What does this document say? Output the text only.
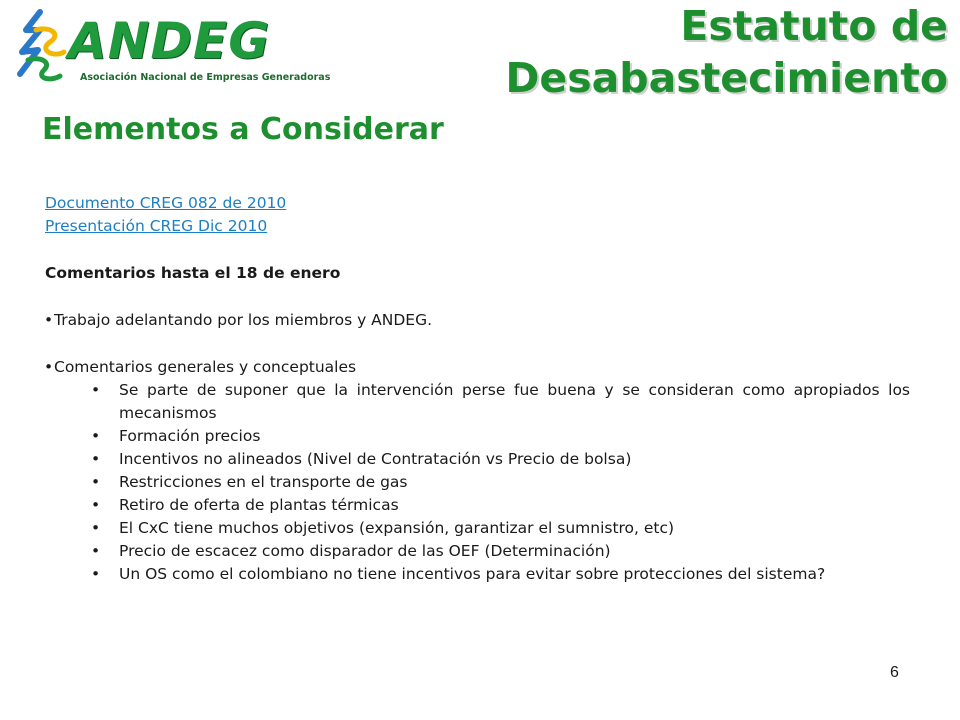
ANDEG
Asociación Nacional de Empresas Generadoras
Estatuto de
Desabastecimiento
Elementos a Considerar
Documento CREG 082 de 2010
Presentación CREG Dic 2010
Comentarios hasta el 18 de enero
• Trabajo adelantando por los miembros y ANDEG.
• Comentarios generales y conceptuales
• Se parte de suponer que la intervención perse fue buena y se consideran como apropiados los mecanismos
• Formación precios
• Incentivos no alineados (Nivel de Contratación vs Precio de bolsa)
• Restricciones en el transporte de gas
• Retiro de oferta de plantas térmicas
• El CxC tiene muchos objetivos (expansión, garantizar el sumnistro, etc)
• Precio de escacez como disparador de las OEF (Determinación)
• Un OS como el colombiano no tiene incentivos para evitar sobre protecciones del sistema?
6
